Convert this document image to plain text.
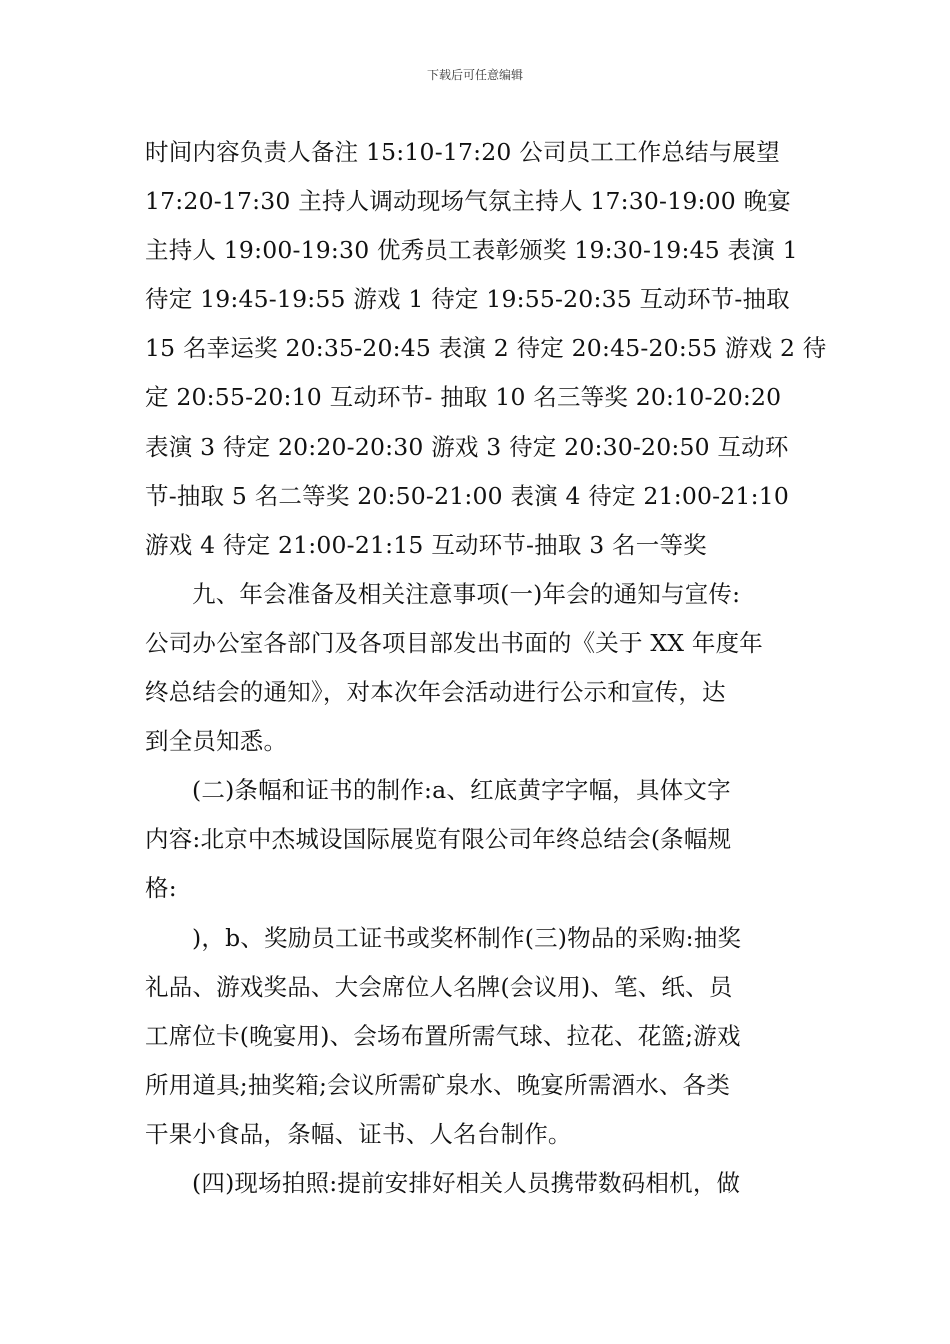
下载后可任意编辑
时间内容负责人备注 15:10-17:20 公司员工工作总结与展望
17:20-17:30 主持人调动现场气氛主持人 17:30-19:00 晚宴
主持人 19:00-19:30 优秀员工表彰颁奖 19:30-19:45 表演 1
待定 19:45-19:55 游戏 1 待定 19:55-20:35 互动环节-抽取
15 名幸运奖 20:35-20:45 表演 2 待定 20:45-20:55 游戏 2 待
定 20:55-20:10 互动环节- 抽取 10 名三等奖 20:10-20:20
表演 3 待定 20:20-20:30 游戏 3 待定 20:30-20:50 互动环
节-抽取 5 名二等奖 20:50-21:00 表演 4 待定 21:00-21:10
游戏 4 待定 21:00-21:15 互动环节-抽取 3 名一等奖
九、年会准备及相关注意事项(一)年会的通知与宣传:
公司办公室各部门及各项目部发出书面的《关于 XX 年度年
终总结会的通知》，对本次年会活动进行公示和宣传，达
到全员知悉。
(二)条幅和证书的制作:a、红底黄字字幅，具体文字
内容:北京中杰城设国际展览有限公司年终总结会(条幅规
格:
)，b、奖励员工证书或奖杯制作(三)物品的采购:抽奖
礼品、游戏奖品、大会席位人名牌(会议用)、笔、纸、员
工席位卡(晚宴用)、会场布置所需气球、拉花、花篮;游戏
所用道具;抽奖箱;会议所需矿泉水、晚宴所需酒水、各类
干果小食品，条幅、证书、人名台制作。
(四)现场拍照:提前安排好相关人员携带数码相机，做
